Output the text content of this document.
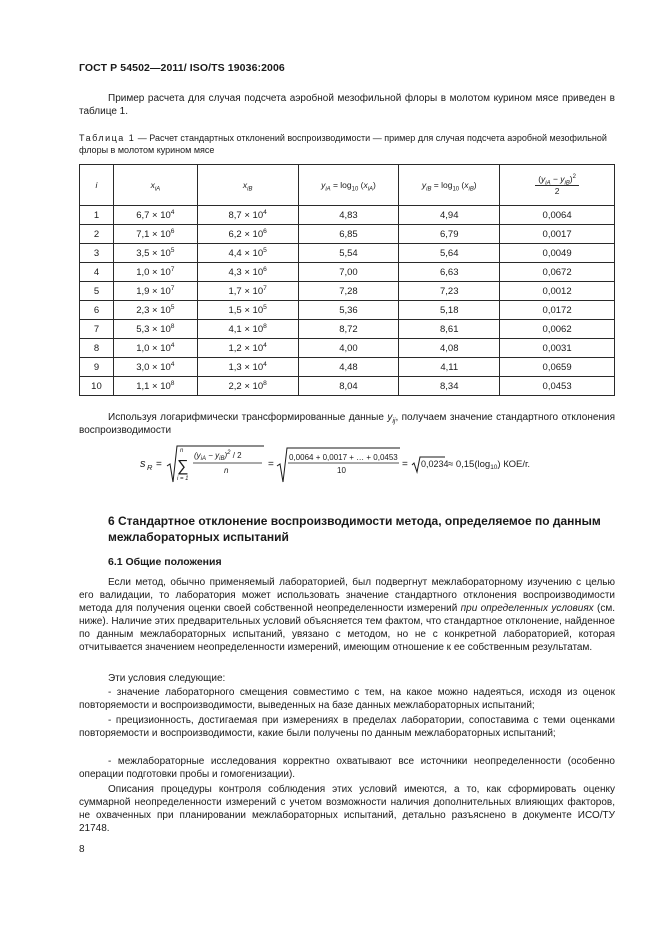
ГОСТ Р 54502—2011/ ISO/TS 19036:2006
Пример расчета для случая подсчета аэробной мезофильной флоры в молотом курином мясе приведен в таблице 1.
Таблица 1 — Расчет стандартных отклонений воспроизводимости — пример для случая подсчета аэробной мезофильной флоры в молотом курином мясе
i	$x_{iA}$	$x_{iB}$	$y_{iA} = \log_{10} (x_{iA})$	$y_{iB} = \log_{10} (x_{iB})$	$(y_{iA} - y_{iB})^2$
2

1	$6,7 \times 10^4$	$8,7 \times 10^4$	4,83	4,94	0,0064
2	$7,1 \times 10^6$	$6,2 \times 10^6$	6,85	6,79	0,0017
3	$3,5 \times 10^5$	$4,4 \times 10^5$	5,54	5,64	0,0049
4	$1,0 \times 10^7$	$4,3 \times 10^6$	7,00	6,63	0,0672
5	$1,9 \times 10^7$	$1,7 \times 10^7$	7,28	7,23	0,0012
6	$2,3 \times 10^5$	$1,5 \times 10^5$	5,36	5,18	0,0172
7	$5,3 \times 10^8$	$4,1 \times 10^8$	8,72	8,61	0,0062
8	$1,0 \times 10^4$	$1,2 \times 10^4$	4,00	4,08	0,0031
9	$3,0 \times 10^4$	$1,3 \times 10^4$	4,48	4,11	0,0659
10	$1,1 \times 10^8$	$2,2 \times 10^8$	8,04	8,34	0,0453
Используя логарифмически трансформированные данные $y_{ij}$, получаем значение стандартного отклонения воспроизводимости
s R =
n
∑
i = 1
$(y_{iA} - y_{iB})^2 / 2$
n
=
0,0064 + 0,0017 + … + 0,0453
10
= $0,0234 \approx 0,15(\log_{10})$ КОЕ/г.
6 Стандартное отклонение воспроизводимости метода, определяемое по данным межлабораторных испытаний
6.1 Общие положения
Если метод, обычно применяемый лабораторией, был подвергнут межлабораторному изучению с целью его валидации, то лаборатория может использовать значение стандартного отклонения воспроизводимости метода для получения оценки своей собственной неопределенности измерений при определенных условиях (см. ниже). Наличие этих предварительных условий объясняется тем фактом, что стандартное отклонение, найденное по данным межлабораторных испытаний, увязано с методом, но не с конкретной лабораторией, которая отчитывается значением неопределенности измерений, имеющим отношение к ее собственным результатам.
Эти условия следующие:
- значение лабораторного смещения совместимо с тем, на какое можно надеяться, исходя из оценок повторяемости и воспроизводимости, выведенных на базе данных межлабораторных испытаний;
- прецизионность, достигаемая при измерениях в пределах лаборатории, сопоставима с теми оценками повторяемости и воспроизводимости, какие были получены по данным межлабораторных испытаний;
- межлабораторные исследования корректно охватывают все источники неопределенности (особенно операции подготовки пробы и гомогенизации).
Описания процедуры контроля соблюдения этих условий имеются, а то, как сформировать оценку суммарной неопределенности измерений с учетом возможности наличия дополнительных влияющих факторов, не охваченных при планировании межлабораторных испытаний, детально разъяснено в документе ИСО/ТУ 21748.
8
